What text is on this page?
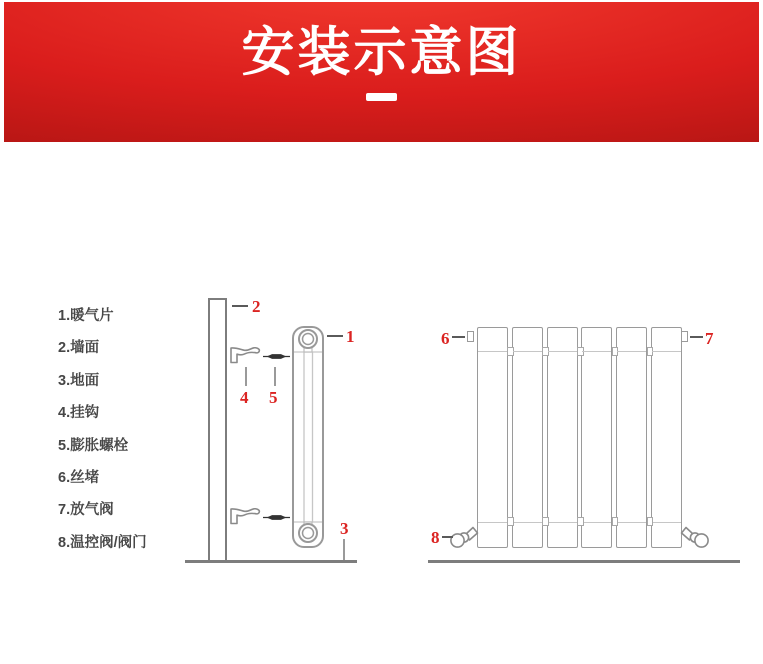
安装示意图
1.暖气片
2.墙面
3.地面
4.挂钩
5.膨胀螺栓
6.丝堵
7.放气阀
8.温控阀/阀门
2
4 5
1
3
6	7
8
